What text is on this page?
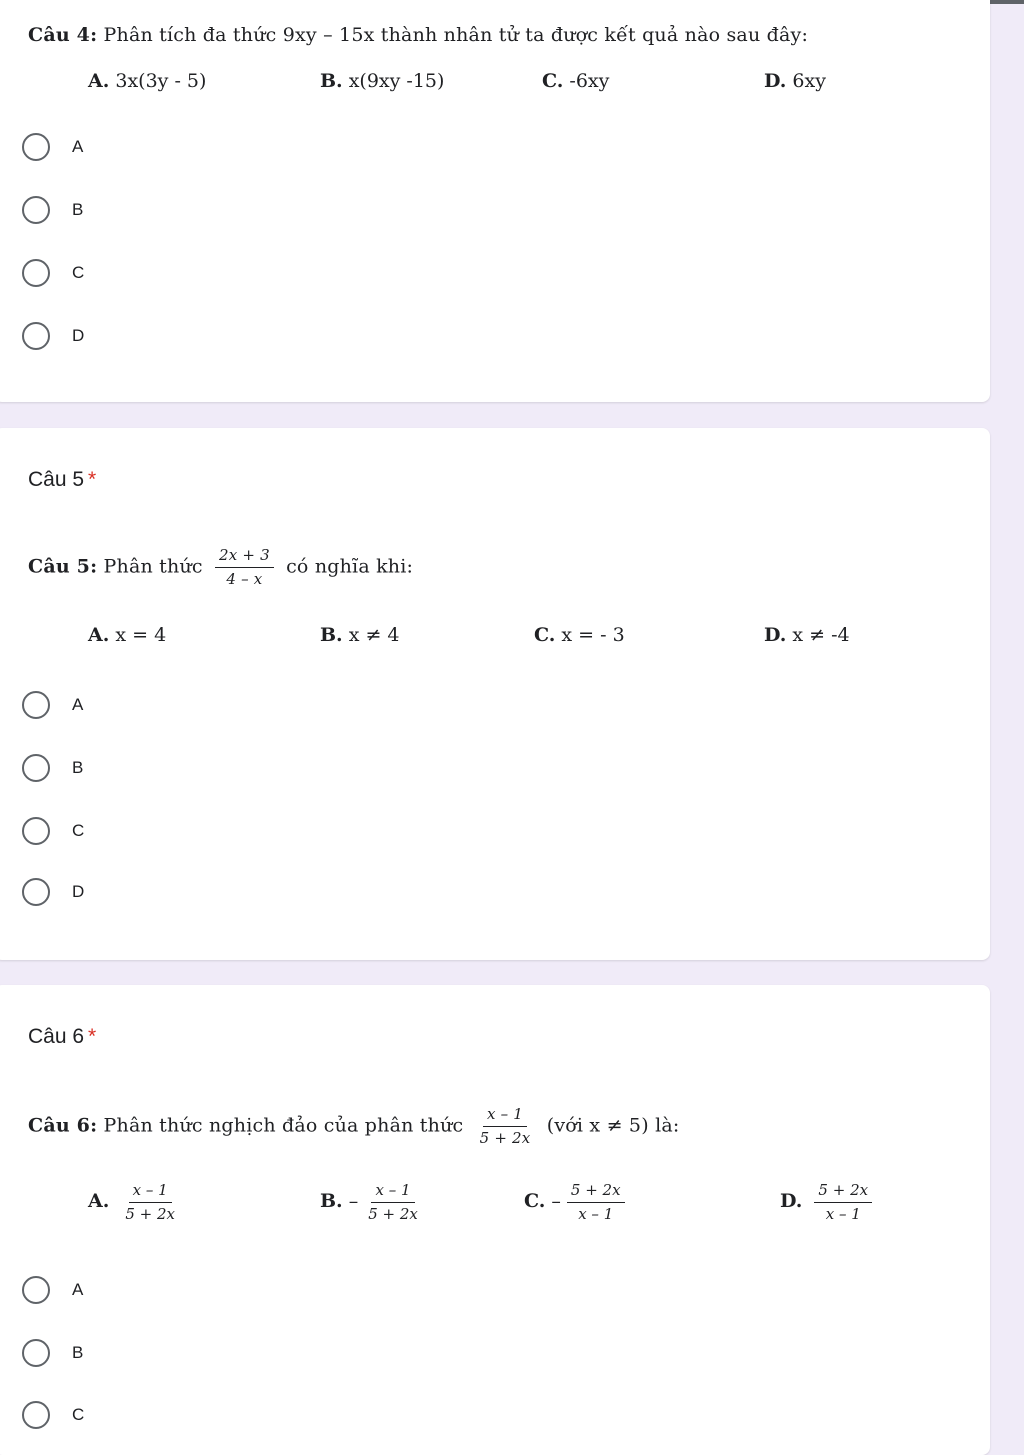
Câu 4: Phân tích đa thức 9xy – 15x thành nhân tử ta được kết quả nào sau đây:
A. 3x(3y - 5)	B. x(9xy -15)	C. -6xy	D. 6xy
A
B
C
D
Câu 5 *
Câu 5: Phân thức $\frac{2x + 3}{4 - x}$ có nghĩa khi:
A. x = 4	B. x ≠ 4	C. x = - 3	D. x ≠ -4
A
B
C
D
Câu 6 *
Câu 6: Phân thức nghịch đảo của phân thức $\frac{x - 1}{5 + 2x}$ (với x ≠ 5) là:
A. $\frac{x - 1}{5 + 2x}$	B. – $\frac{x - 1}{5 + 2x}$	C. – $\frac{5 + 2x}{x - 1}$	D. $\frac{5 + 2x}{x - 1}$
A
B
C
